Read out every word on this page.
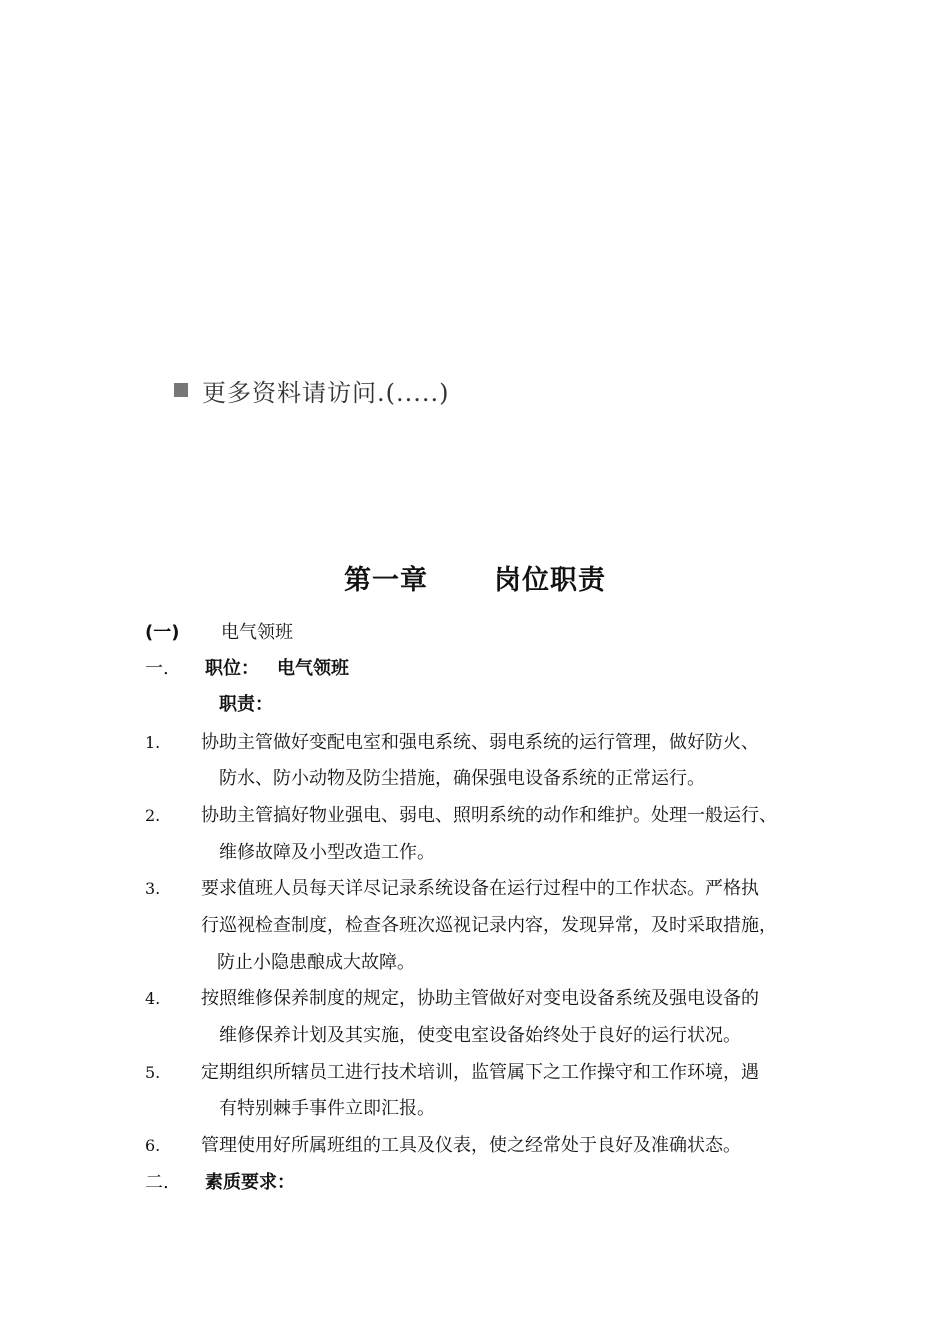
更多资料请访问.(.....)
第一章 岗位职责
(一) 电气领班
一. 职位： 电气领班
职责：
1. 协助主管做好变配电室和强电系统、弱电系统的运行管理，做好防火、
防水、防小动物及防尘措施，确保强电设备系统的正常运行。
2. 协助主管搞好物业强电、弱电、照明系统的动作和维护。处理一般运行、
维修故障及小型改造工作。
3. 要求值班人员每天详尽记录系统设备在运行过程中的工作状态。严格执
行巡视检查制度，检查各班次巡视记录内容，发现异常，及时采取措施，
防止小隐患酿成大故障。
4. 按照维修保养制度的规定，协助主管做好对变电设备系统及强电设备的
维修保养计划及其实施，使变电室设备始终处于良好的运行状况。
5. 定期组织所辖员工进行技术培训，监管属下之工作操守和工作环境，遇
有特别棘手事件立即汇报。
6. 管理使用好所属班组的工具及仪表，使之经常处于良好及准确状态。
二. 素质要求：
